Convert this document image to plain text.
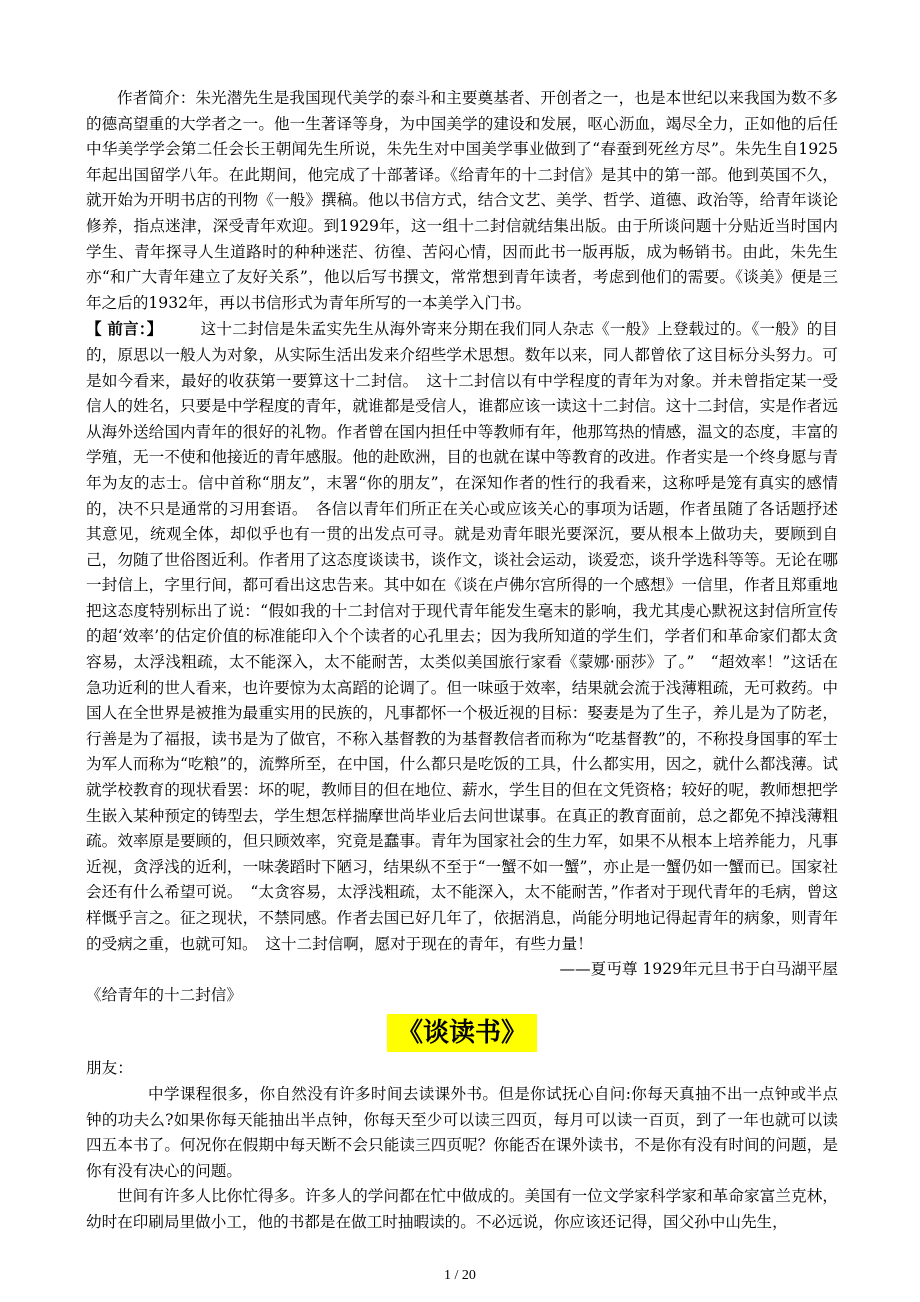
作者简介：朱光潜先生是我国现代美学的泰斗和主要奠基者、开创者之一，也是本世纪以来我国为数不多的德高望重的大学者之一。他一生著译等身，为中国美学的建设和发展，呕心沥血，竭尽全力，正如他的后任中华美学学会第二任会长王朝闻先生所说，朱先生对中国美学事业做到了“春蚕到死丝方尽”。朱先生自1925年起出国留学八年。在此期间，他完成了十部著译。《给青年的十二封信》是其中的第一部。他到英国不久，就开始为开明书店的刊物《一般》撰稿。他以书信方式，结合文艺、美学、哲学、道德、政治等，给青年谈论修养，指点迷津，深受青年欢迎。到1929年，这一组十二封信就结集出版。由于所谈问题十分贴近当时国内学生、青年探寻人生道路时的种种迷茫、彷徨、苦闷心情，因而此书一版再版，成为畅销书。由此，朱先生亦“和广大青年建立了友好关系”，他以后写书撰文，常常想到青年读者，考虑到他们的需要。《谈美》便是三年之后的1932年，再以书信形式为青年所写的一本美学入门书。

【 前言：】 这十二封信是朱孟实先生从海外寄来分期在我们同人杂志《一般》上登载过的。《一般》的目的，原思以一般人为对象，从实际生活出发来介绍些学术思想。数年以来，同人都曾依了这目标分头努力。可是如今看来，最好的收获第一要算这十二封信。　这十二封信以有中学程度的青年为对象。并未曾指定某一受信人的姓名，只要是中学程度的青年，就谁都是受信人，谁都应该一读这十二封信。这十二封信，实是作者远从海外送给国内青年的很好的礼物。作者曾在国内担任中等教师有年，他那笃热的情感，温文的态度，丰富的学殖，无一不使和他接近的青年感服。他的赴欧洲，目的也就在谋中等教育的改进。作者实是一个终身愿与青年为友的志士。信中首称“朋友”，末署“你的朋友”，在深知作者的性行的我看来，这称呼是笼有真实的感情的，决不只是通常的习用套语。　各信以青年们所正在关心或应该关心的事项为话题，作者虽随了各话题抒述其意见，统观全体，却似乎也有一贯的出发点可寻。就是劝青年眼光要深沉，要从根本上做功夫，要顾到自己，勿随了世俗图近利。作者用了这态度谈读书，谈作文，谈社会运动，谈爱恋，谈升学选科等等。无论在哪一封信上，字里行间，都可看出这忠告来。其中如在《谈在卢佛尔宫所得的一个感想》一信里，作者且郑重地把这态度特别标出了说：“假如我的十二封信对于现代青年能发生毫末的影响，我尤其虔心默祝这封信所宣传的超‘效率’的估定价值的标准能印入个个读者的心孔里去；因为我所知道的学生们，学者们和革命家们都太贪容易，太浮浅粗疏，太不能深入，太不能耐苦，太类似美国旅行家看《蒙娜·丽莎》了。”　“超效率！”这话在急功近利的世人看来，也许要惊为太高蹈的论调了。但一味亟于效率，结果就会流于浅薄粗疏，无可救药。中国人在全世界是被推为最重实用的民族的，凡事都怀一个极近视的目标：娶妻是为了生子，养儿是为了防老，行善是为了福报，读书是为了做官，不称入基督教的为基督教信者而称为“吃基督教”的，不称投身国事的军士为军人而称为“吃粮”的，流弊所至，在中国，什么都只是吃饭的工具，什么都实用，因之，就什么都浅薄。试就学校教育的现状看罢：坏的呢，教师目的但在地位、薪水，学生目的但在文凭资格；较好的呢，教师想把学生嵌入某种预定的铸型去，学生想怎样揣摩世尚毕业后去问世谋事。在真正的教育面前，总之都免不掉浅薄粗疏。效率原是要顾的，但只顾效率，究竟是蠢事。青年为国家社会的生力军，如果不从根本上培养能力，凡事近视，贪浮浅的近利，一味袭蹈时下陋习，结果纵不至于“一蟹不如一蟹”，亦止是一蟹仍如一蟹而已。国家社会还有什么希望可说。　“太贪容易，太浮浅粗疏，太不能深入，太不能耐苦，”作者对于现代青年的毛病，曾这样慨乎言之。征之现状，不禁同感。作者去国已好几年了，依据消息，尚能分明地记得起青年的病象，则青年的受病之重，也就可知。　这十二封信啊，愿对于现在的青年，有些力量！

——夏丏尊 1929年元旦书于白马湖平屋

《给青年的十二封信》

《谈读书》

朋友：

中学课程很多，你自然没有许多时间去读课外书。但是你试抚心自问:你每天真抽不出一点钟或半点钟的功夫么?如果你每天能抽出半点钟，你每天至少可以读三四页，每月可以读一百页，到了一年也就可以读四五本书了。何况你在假期中每天断不会只能读三四页呢？你能否在课外读书，不是你有没有时间的问题，是你有没有决心的问题。

世间有许多人比你忙得多。许多人的学问都在忙中做成的。美国有一位文学家科学家和革命家富兰克林，幼时在印刷局里做小工，他的书都是在做工时抽暇读的。不必远说，你应该还记得，国父孙中山先生，

1 / 20
